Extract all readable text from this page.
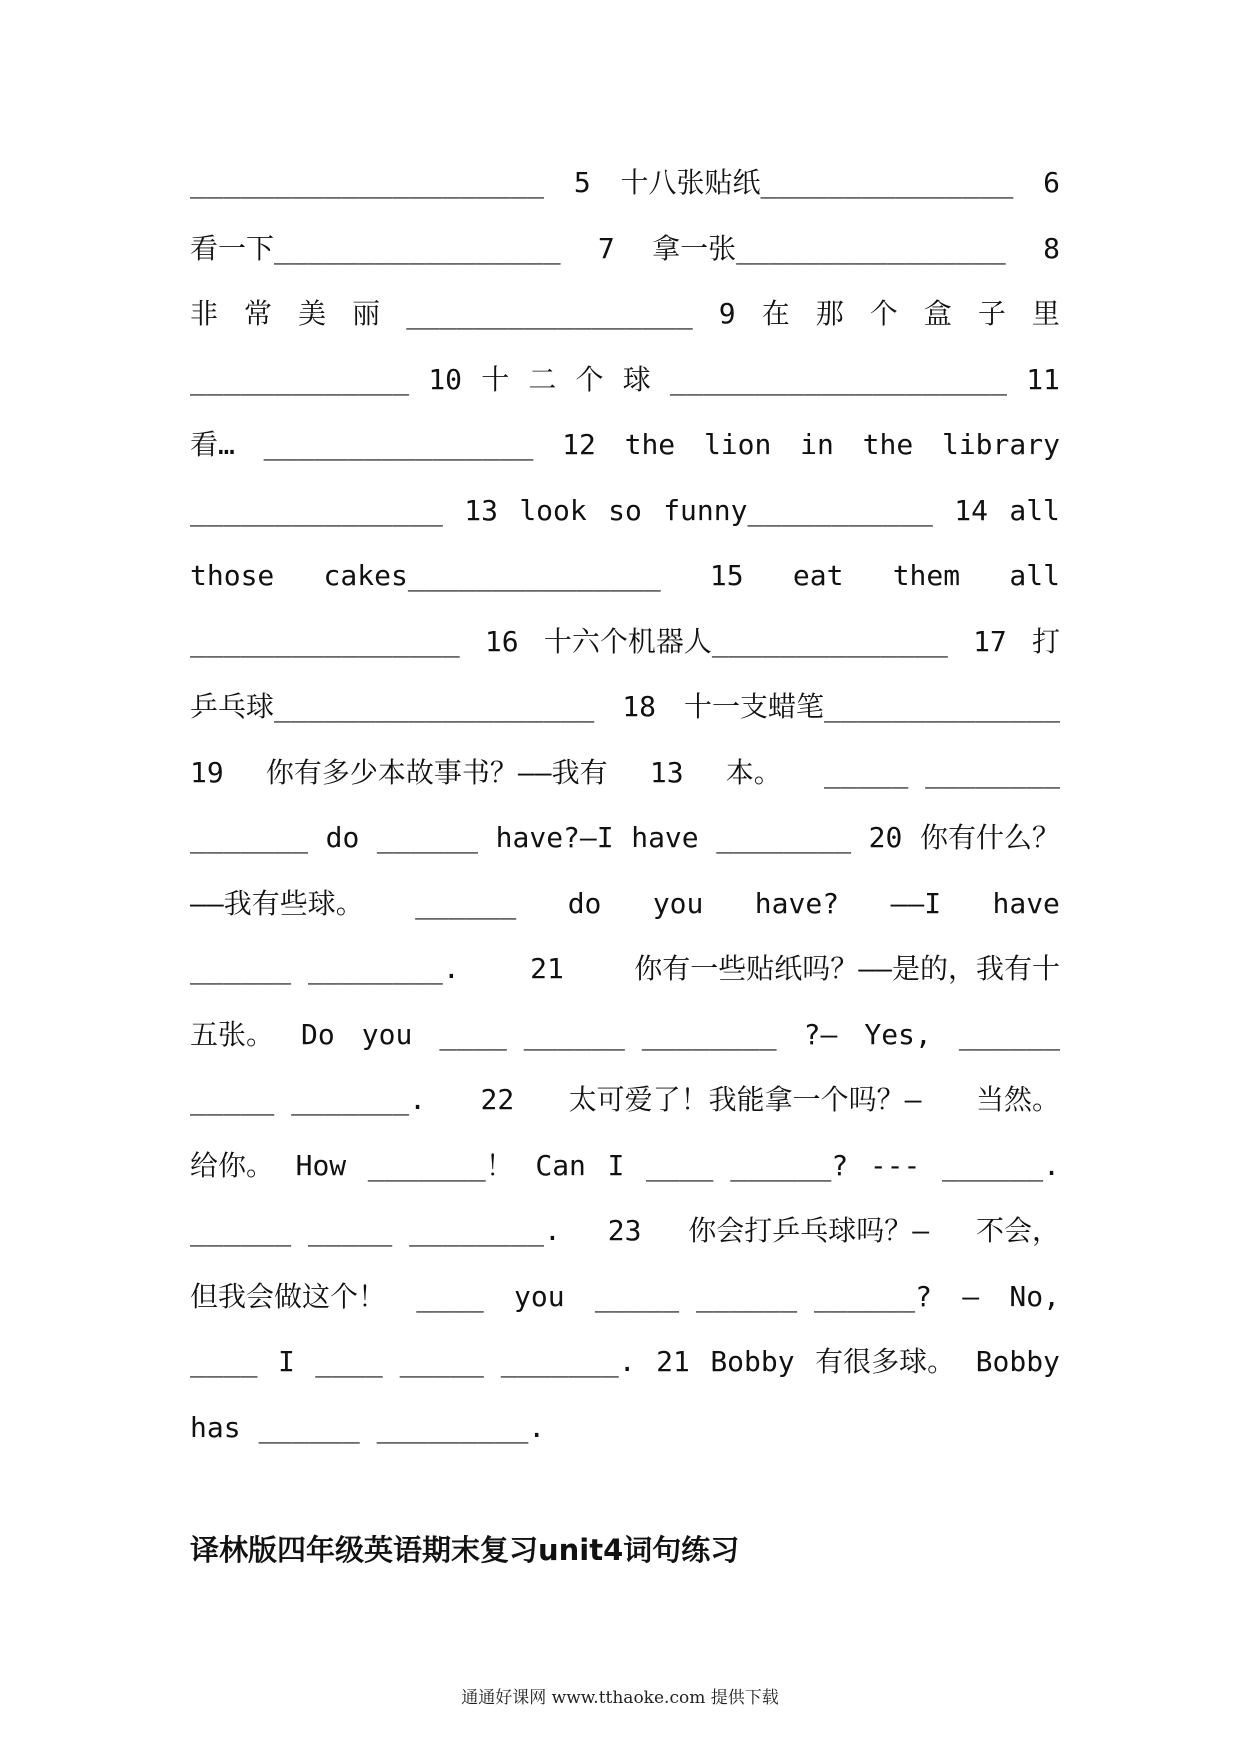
_____________________ 5 十八张贴纸_______________ 6
看一下_________________ 7 拿一张________________ 8
非 常 美 丽 _________________ 9 在 那 个 盒 子 里
_____________ 10 十 二 个 球 ____________________ 11
看… ________________ 12 the lion in the library
_______________ 13 look so funny___________ 14 all
those cakes_______________ 15 eat them all
________________ 16 十六个机器人______________ 17 打
乒乓球___________________ 18 十一支蜡笔______________
19 你有多少本故事书？——我有 13 本。 _____ ________
_______ do ______ have?—I have ________ 20 你有什么？
——我有些球。 ______ do you have? ——I have
______ ________.	21	你有一些贴纸吗？——是的，我有十
五张。 Do you ____ ______ ________ ?— Yes, ______
_____ _______. 22 太可爱了！我能拿一个吗？— 当然。
给你。 How _______！ Can I ____ ______? --- ______.
______ _____ ________. 23 你会打乒乓球吗？— 不会，
但我会做这个！ ____ you _____ ______ ______? — No,
____ I ____ _____ _______. 21 Bobby 有很多球。 Bobby
has ______ _________.
译林版四年级英语期末复习unit4词句练习
通通好课网 www.tthaoke.com 提供下载
